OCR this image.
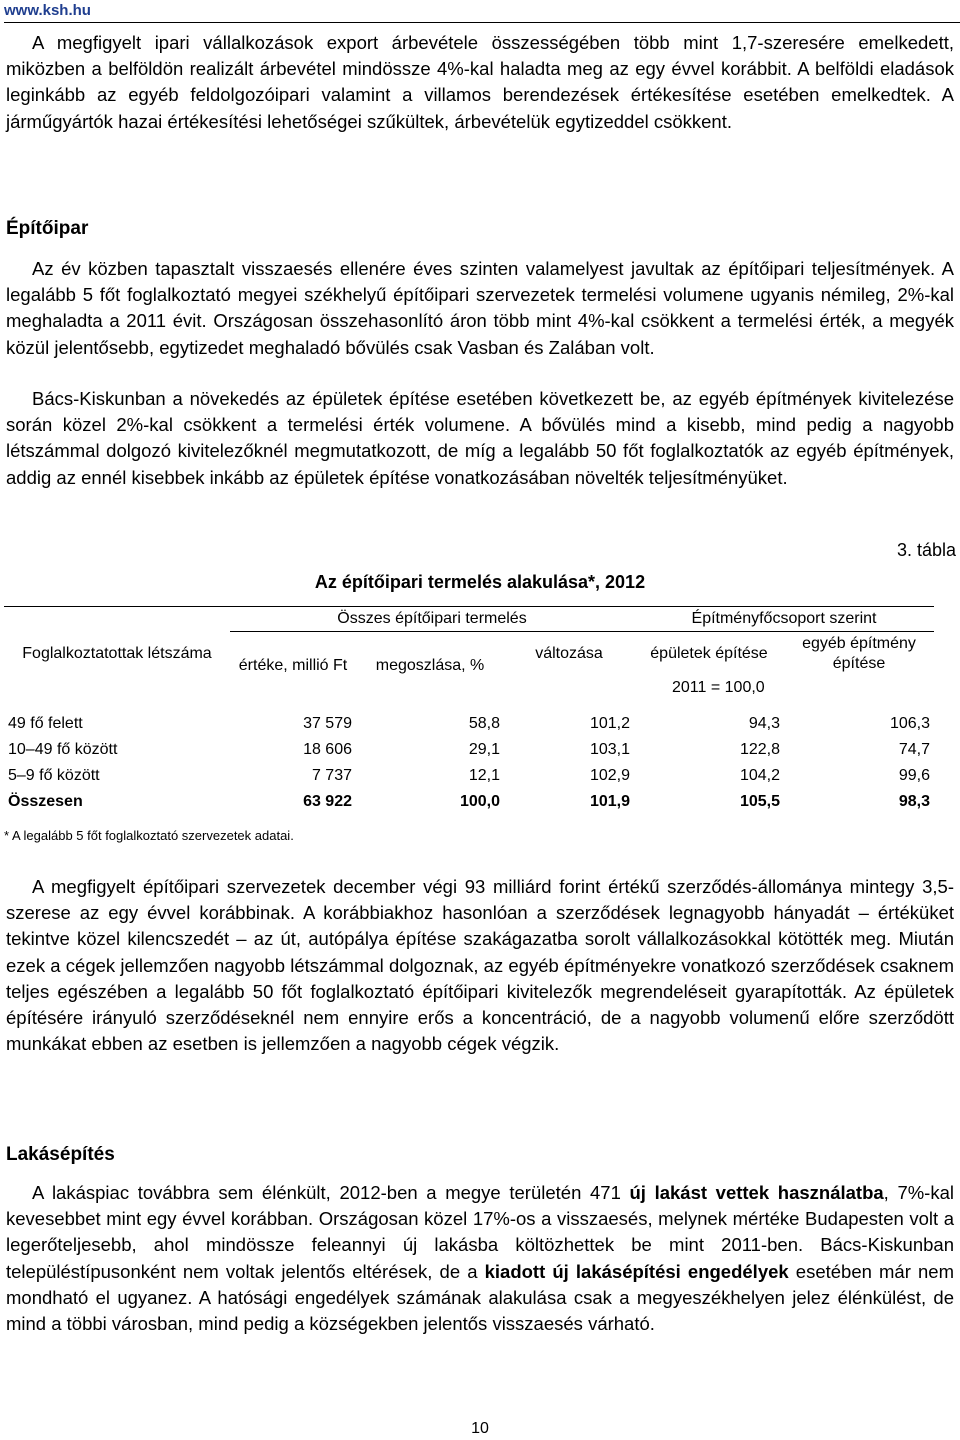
www.ksh.hu

A megfigyelt ipari vállalkozások export árbevétele összességében több mint 1,7-szeresére emelkedett, miközben a belföldön realizált árbevétel mindössze 4%-kal haladta meg az egy évvel korábbit. A belföldi eladások leginkább az egyéb feldolgozóipari valamint a villamos berendezések értékesítése esetében emelkedtek. A járműgyártók hazai értékesítési lehetőségei szűkültek, árbevételük egytizeddel csökkent.

Építőipar

Az év közben tapasztalt visszaesés ellenére éves szinten valamelyest javultak az építőipari teljesítmények. A legalább 5 főt foglalkoztató megyei székhelyű építőipari szervezetek termelési volumene ugyanis némileg, 2%-kal meghaladta a 2011 évit. Országosan összehasonlító áron több mint 4%-kal csökkent a termelési érték, a megyék közül jelentősebb, egytizedet meghaladó bővülés csak Vasban és Zalában volt.

Bács-Kiskunban a növekedés az épületek építése esetében következett be, az egyéb építmények kivitelezése során közel 2%-kal csökkent a termelési érték volumene. A bővülés mind a kisebb, mind pedig a nagyobb létszámmal dolgozó kivitelezőknél megmutatkozott, de míg a legalább 50 főt foglalkoztatók az egyéb építmények, addig az ennél kisebbek inkább az épületek építése vonatkozásában növelték teljesítményüket.

3. tábla
Az építőipari termelés alakulása*, 2012
Foglalkoztatottak létszáma	Összes építőipari termelés			Építményfőcsoport szerint	
	értéke, millió Ft	megoszlása, %	változása	épületek építése	egyéb építmény építése
				2011 = 100,0	
49 fő felett	37 579	58,8	101,2	94,3	106,3
10–49 fő között	18 606	29,1	103,1	122,8	74,7
5–9 fő között	7 737	12,1	102,9	104,2	99,6
Összesen	63 922	100,0	101,9	105,5	98,3
* A legalább 5 főt foglalkoztató szervezetek adatai.

A megfigyelt építőipari szervezetek december végi 93 milliárd forint értékű szerződés-állománya mintegy 3,5-szerese az egy évvel korábbinak. A korábbiakhoz hasonlóan a szerződések legnagyobb hányadát – értéküket tekintve közel kilencszedét – az út, autópálya építése szakágazatba sorolt vállalkozásokkal kötötték meg. Miután ezek a cégek jellemzően nagyobb létszámmal dolgoznak, az egyéb építményekre vonatkozó szerződések csaknem teljes egészében a legalább 50 főt foglalkoztató építőipari kivitelezők megrendeléseit gyarapították. Az épületek építésére irányuló szerződéseknél nem ennyire erős a koncentráció, de a nagyobb volumenű előre szerződött munkákat ebben az esetben is jellemzően a nagyobb cégek végzik.

Lakásépítés

A lakáspiac továbbra sem élénkült, 2012-ben a megye területén 471 új lakást vettek használatba, 7%-kal kevesebbet mint egy évvel korábban. Országosan közel 17%-os a visszaesés, melynek mértéke Budapesten volt a legerőteljesebb, ahol mindössze feleannyi új lakásba költözhettek be mint 2011-ben. Bács-Kiskunban településtípusonként nem voltak jelentős eltérések, de a kiadott új lakásépítési engedélyek esetében már nem mondható el ugyanez. A hatósági engedélyek számának alakulása csak a megyeszékhelyen jelez élénkülést, de mind a többi városban, mind pedig a községekben jelentős visszaesés várható.

10
